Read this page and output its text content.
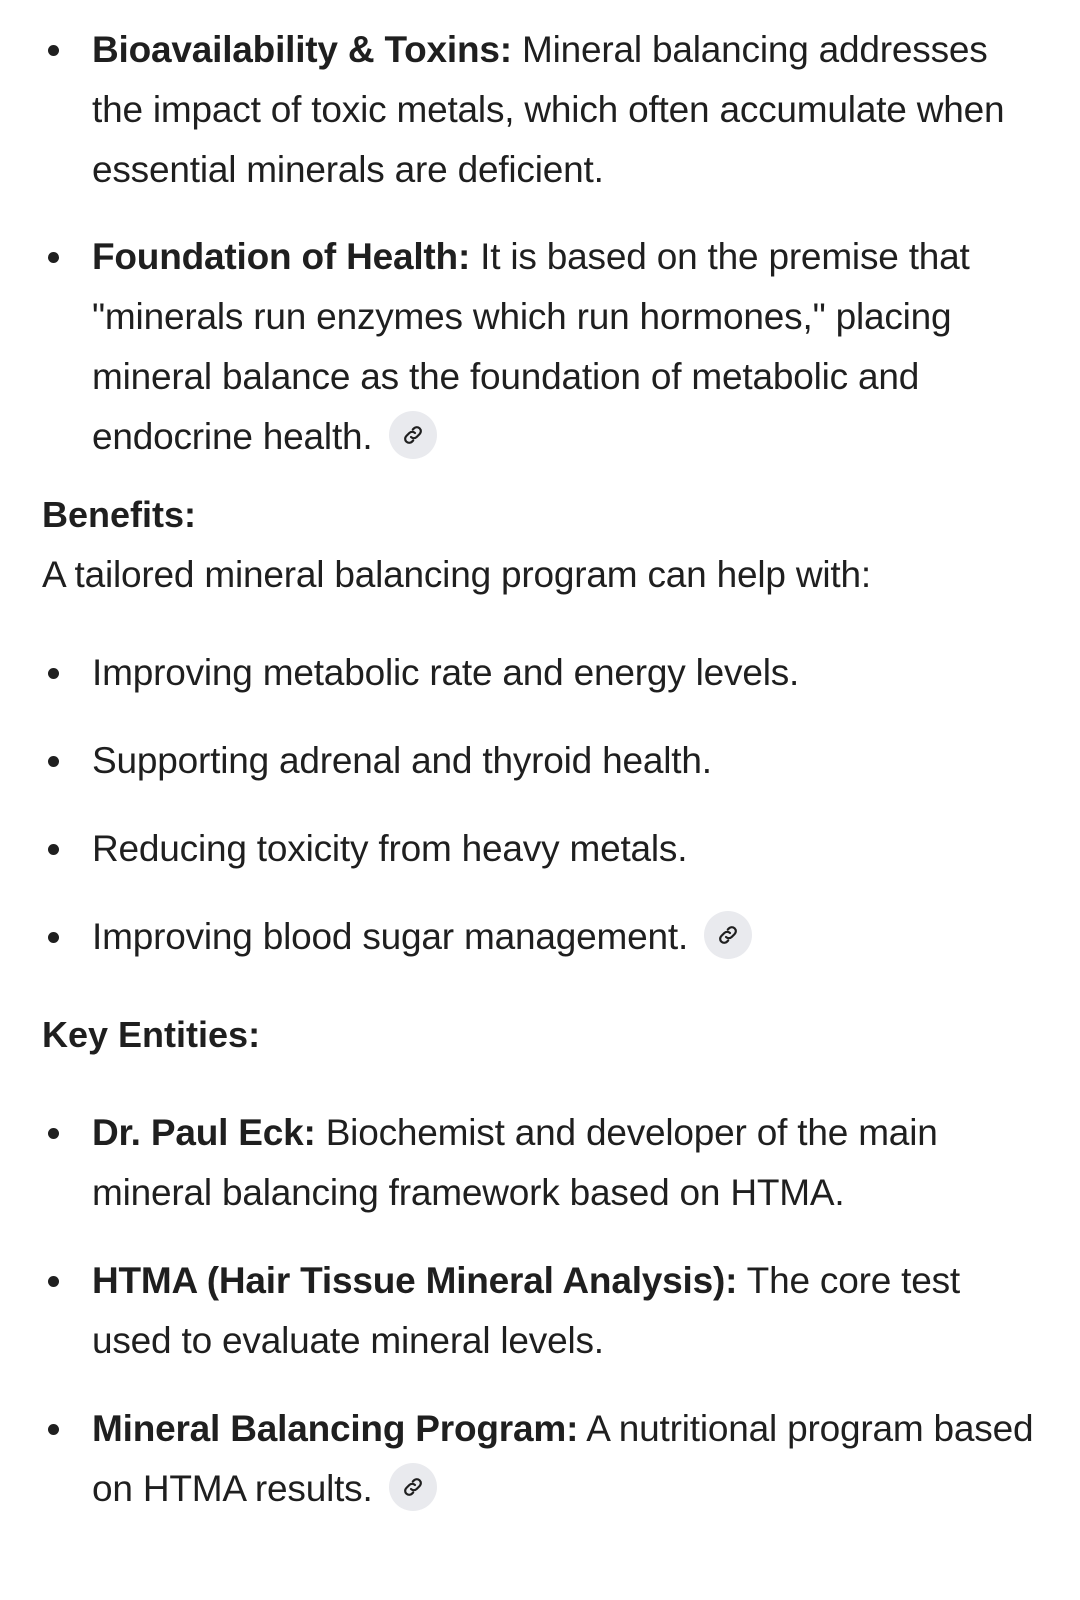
Bioavailability & Toxins: Mineral balancing addresses the impact of toxic metals, which often accumulate when essential minerals are deficient.
Foundation of Health: It is based on the premise that "minerals run enzymes which run hormones," placing mineral balance as the foundation of metabolic and endocrine health.
Benefits:

A tailored mineral balancing program can help with:

Improving metabolic rate and energy levels.
Supporting adrenal and thyroid health.
Reducing toxicity from heavy metals.
Improving blood sugar management.
Key Entities:
Dr. Paul Eck: Biochemist and developer of the main mineral balancing framework based on HTMA.
HTMA (Hair Tissue Mineral Analysis): The core test used to evaluate mineral levels.
Mineral Balancing Program: A nutritional program based on HTMA results.
